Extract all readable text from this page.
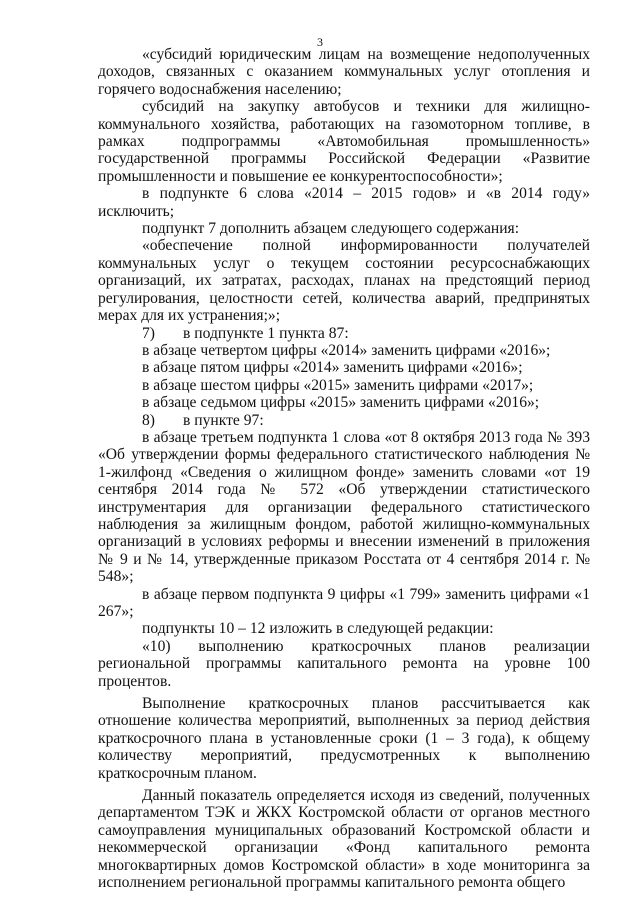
3

«субсидий юридическим лицам на возмещение недополученных доходов, связанных с оказанием коммунальных услуг отопления и горячего водоснабжения населению;

субсидий на закупку автобусов и техники для жилищно-коммунального хозяйства, работающих на газомоторном топливе, в рамках подпрограммы «Автомобильная промышленность» государственной программы Российской Федерации «Развитие промышленности и повышение ее конкурентоспособности»;

в подпункте 6 слова «2014 – 2015 годов» и «в 2014 году» исключить;

подпункт 7 дополнить абзацем следующего содержания:

«обеспечение полной информированности получателей коммунальных услуг о текущем состоянии ресурсоснабжающих организаций, их затратах, расходах, планах на предстоящий период регулирования, целостности сетей, количества аварий, предпринятых мерах для их устранения;»;

7) в подпункте 1 пункта 87:

в абзаце четвертом цифры «2014» заменить цифрами «2016»;

в абзаце пятом цифры «2014» заменить цифрами «2016»;

в абзаце шестом цифры «2015» заменить цифрами «2017»;

в абзаце седьмом цифры «2015» заменить цифрами «2016»;

8) в пункте 97:

в абзаце третьем подпункта 1 слова «от 8 октября 2013 года № 393 «Об утверждении формы федерального статистического наблюдения № 1-жилфонд «Сведения о жилищном фонде» заменить словами «от 19 сентября 2014 года № 572 «Об утверждении статистического инструментария для организации федерального статистического наблюдения за жилищным фондом, работой жилищно-коммунальных организаций в условиях реформы и внесении изменений в приложения № 9 и № 14, утвержденные приказом Росстата от 4 сентября 2014 г. № 548»;

в абзаце первом подпункта 9 цифры «1 799» заменить цифрами «1 267»;

подпункты 10 – 12 изложить в следующей редакции:

«10) выполнению краткосрочных планов реализации региональной программы капитального ремонта на уровне 100 процентов.

Выполнение краткосрочных планов рассчитывается как отношение количества мероприятий, выполненных за период действия краткосрочного плана в установленные сроки (1 – 3 года), к общему количеству мероприятий, предусмотренных к выполнению краткосрочным планом.

Данный показатель определяется исходя из сведений, полученных департаментом ТЭК и ЖКХ Костромской области от органов местного самоуправления муниципальных образований Костромской области и некоммерческой организации «Фонд капитального ремонта многоквартирных домов Костромской области» в ходе мониторинга за исполнением региональной программы капитального ремонта общего
